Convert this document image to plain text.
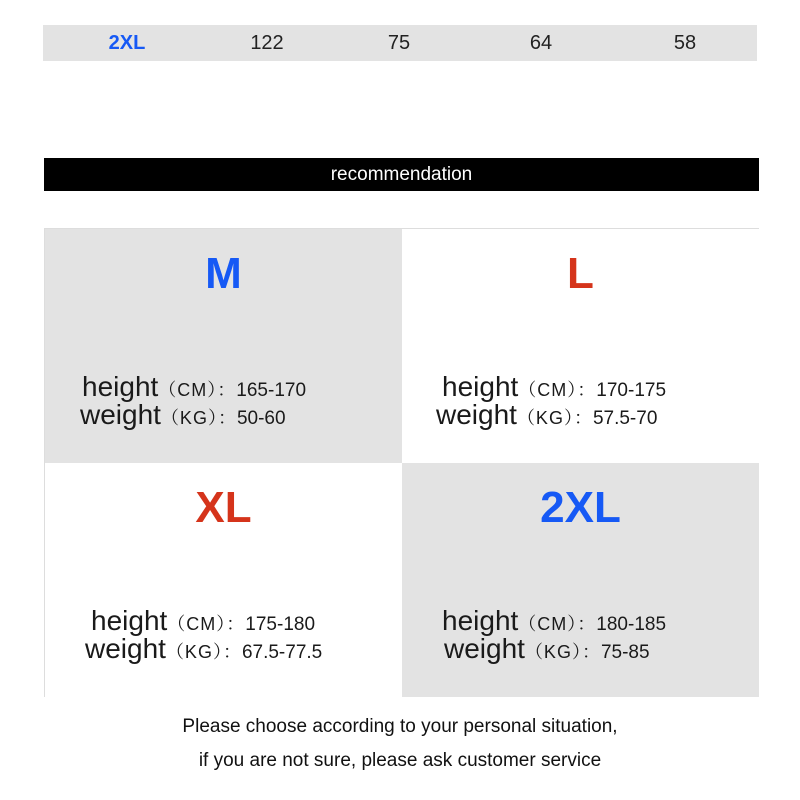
2XL	122	75	64	58
recommendation
M
height（CM）：165-170
weight（KG）：50-60
L
height（CM）：170-175
weight（KG）：57.5-70
XL
height（CM）：175-180
weight（KG）：67.5-77.5
2XL
height（CM）：180-185
weight（KG）：75-85
Please choose according to your personal situation,
if you are not sure, please ask customer service
